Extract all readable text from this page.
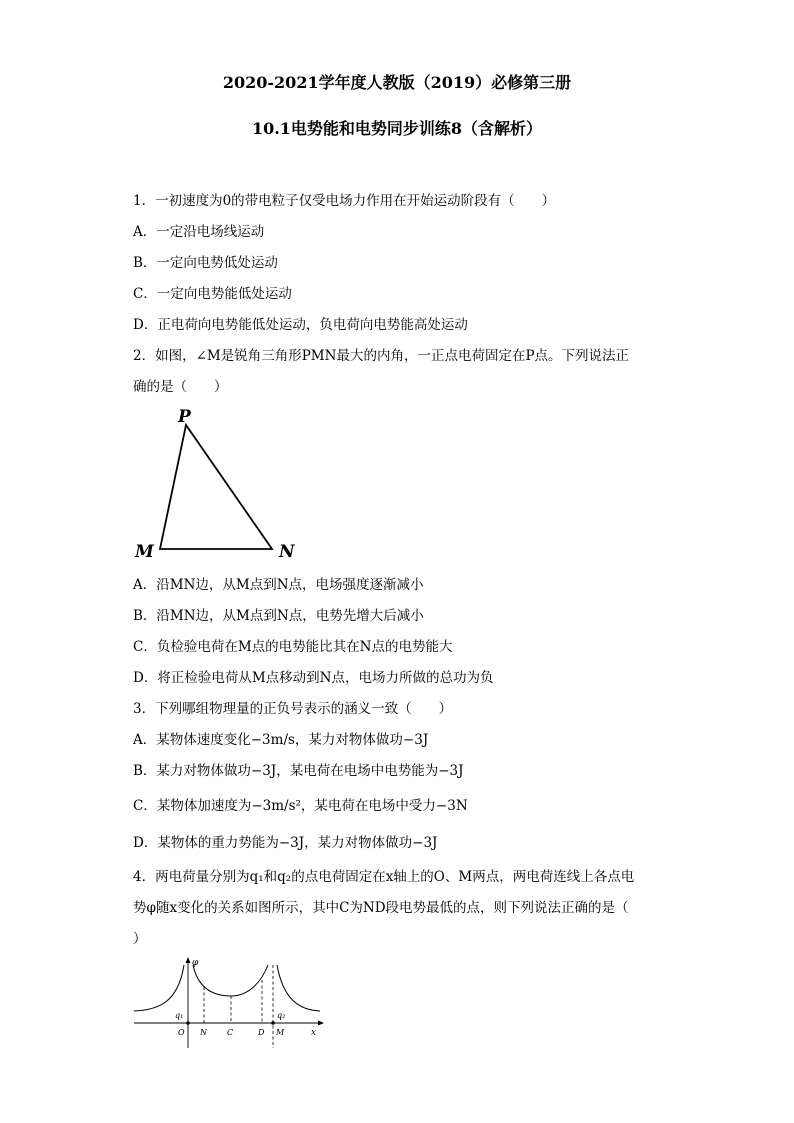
2020-2021学年度人教版（2019）必修第三册
10.1电势能和电势同步训练8（含解析）
1．一初速度为0的带电粒子仅受电场力作用在开始运动阶段有（　　）
A．一定沿电场线运动
B．一定向电势低处运动
C．一定向电势能低处运动
D．正电荷向电势能低处运动，负电荷向电势能高处运动
2．如图，∠M是锐角三角形PMN最大的内角，一正点电荷固定在P点。下列说法正
确的是（　　）
P
M	N
A．沿MN边，从M点到N点，电场强度逐渐减小
B．沿MN边，从M点到N点，电势先增大后减小
C．负检验电荷在M点的电势能比其在N点的电势能大
D．将正检验电荷从M点移动到N点，电场力所做的总功为负
3．下列哪组物理量的正负号表示的涵义一致（　　）
A．某物体速度变化−3m/s，某力对物体做功−3J
B．某力对物体做功−3J，某电荷在电场中电势能为−3J
C．某物体加速度为−3m/s²，某电荷在电场中受力−3N
D．某物体的重力势能为−3J，某力对物体做功−3J
4．两电荷量分别为q₁和q₂的点电荷固定在x轴上的O、M两点，两电荷连线上各点电
势φ随x变化的关系如图所示，其中C为ND段电势最低的点，则下列说法正确的是（
）
φ
x
q₁	q₂
O N	C	D M
